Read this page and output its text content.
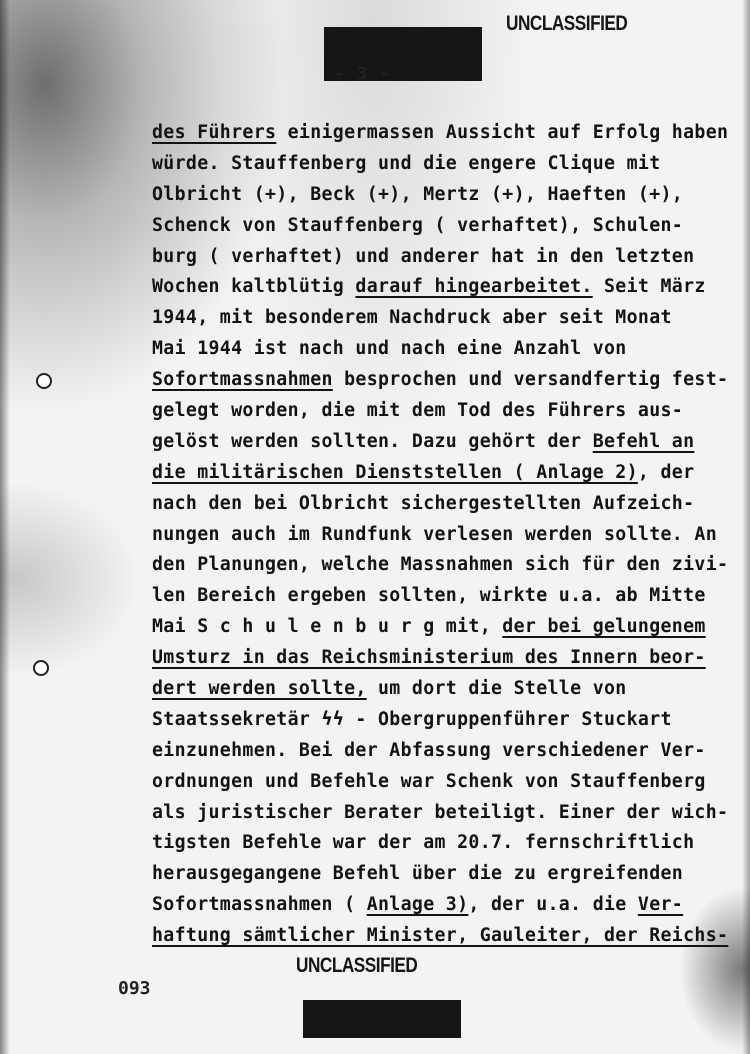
UNCLASSIFIED
- 3 -
des Führers einigermassen Aussicht auf Erfolg haben
würde. Stauffenberg und die engere Clique mit
Olbricht (+), Beck (+), Mertz (+), Haeften (+),
Schenck von Stauffenberg ( verhaftet), Schulen-
burg ( verhaftet) und anderer hat in den letzten
Wochen kaltblütig darauf hingearbeitet. Seit März
1944, mit besonderem Nachdruck aber seit Monat
Mai 1944 ist nach und nach eine Anzahl von
Sofortmassnahmen besprochen und versandfertig fest-
gelegt worden, die mit dem Tod des Führers aus-
gelöst werden sollten. Dazu gehört der Befehl an
die militärischen Dienststellen ( Anlage 2), der
nach den bei Olbricht sichergestellten Aufzeich-
nungen auch im Rundfunk verlesen werden sollte. An
den Planungen, welche Massnahmen sich für den zivi-
len Bereich ergeben sollten, wirkte u.a. ab Mitte
Mai S c h u l e n b u r g mit, der bei gelungenem
Umsturz in das Reichsministerium des Innern beor-
dert werden sollte, um dort die Stelle von
Staatssekretär ϟϟ - Obergruppenführer Stuckart
einzunehmen. Bei der Abfassung verschiedener Ver-
ordnungen und Befehle war Schenk von Stauffenberg
als juristischer Berater beteiligt. Einer der wich-
tigsten Befehle war der am 20.7. fernschriftlich
herausgegangene Befehl über die zu ergreifenden
Sofortmassnahmen ( Anlage 3), der u.a. die Ver-
haftung sämtlicher Minister, Gauleiter, der Reichs-
UNCLASSIFIED
093
